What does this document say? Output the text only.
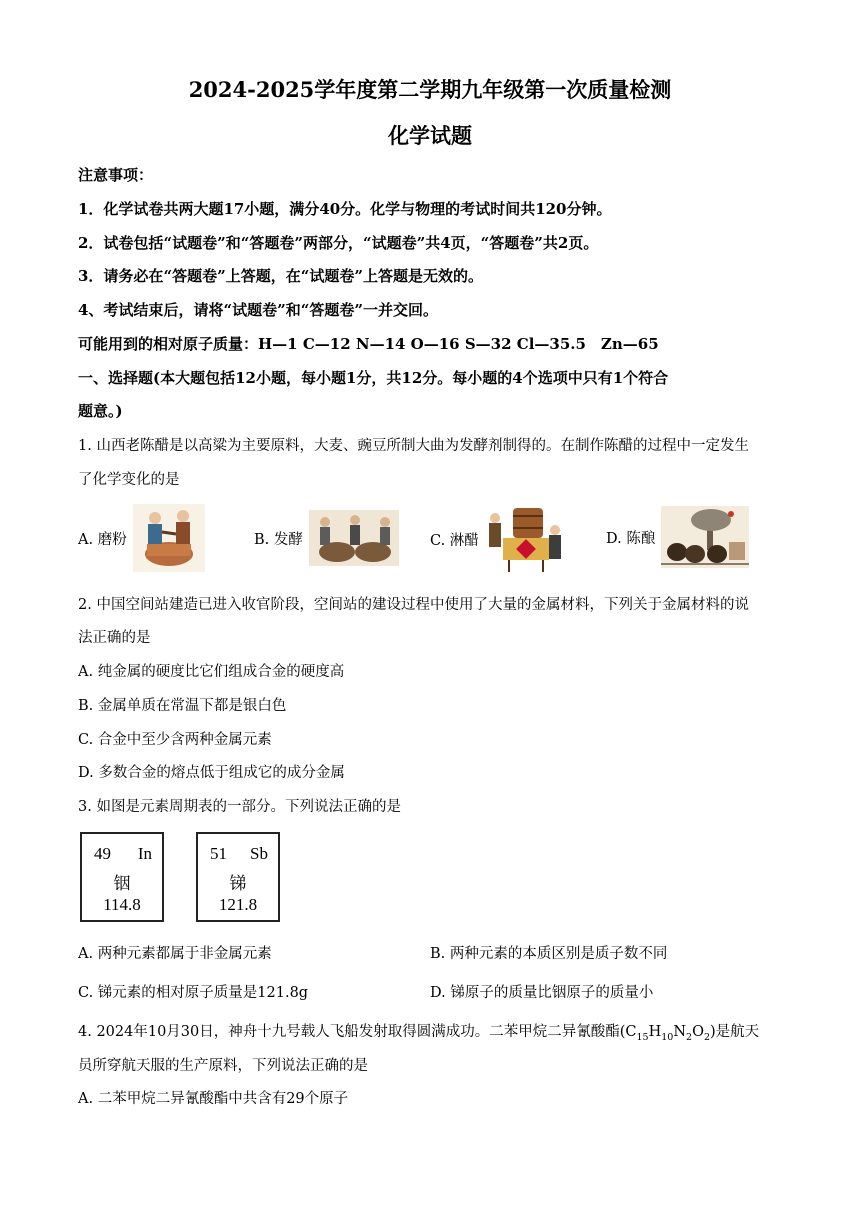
2024-2025学年度第二学期九年级第一次质量检测
化学试题
注意事项：
1．化学试卷共两大题17小题，满分40分。化学与物理的考试时间共120分钟。
2．试卷包括“试题卷”和“答题卷”两部分，“试题卷”共4页，“答题卷”共2页。
3．请务必在“答题卷”上答题，在“试题卷”上答题是无效的。
4、考试结束后，请将“试题卷”和“答题卷”一并交回。
可能用到的相对原子质量：H—1 C—12 N—14 O—16 S—32 Cl—35.5　Zn—65
一、选择题(本大题包括12小题，每小题1分，共12分。每小题的4个选项中只有1个符合
题意。)
1. 山西老陈醋是以高粱为主要原料，大麦、豌豆所制大曲为发酵剂制得的。在制作陈醋的过程中一定发生
了化学变化的是
A. 磨粉	B. 发酵	C. 淋醋	D. 陈酿
2. 中国空间站建造已进入收官阶段，空间站的建设过程中使用了大量的金属材料，下列关于金属材料的说
法正确的是
A. 纯金属的硬度比它们组成合金的硬度高
B. 金属单质在常温下都是银白色
C. 合金中至少含两种金属元素
D. 多数合金的熔点低于组成它的成分金属
3. 如图是元素周期表的一部分。下列说法正确的是
49 In
铟
114.8
51 Sb
锑
121.8
A. 两种元素都属于非金属元素	B. 两种元素的本质区别是质子数不同
C. 锑元素的相对原子质量是121.8g	D. 锑原子的质量比铟原子的质量小
4. 2024年10月30日，神舟十九号载人飞船发射取得圆满成功。二苯甲烷二异氰酸酯$(C_{15}H_{10}N_2O_2)$是航天
员所穿航天服的生产原料，下列说法正确的是
A. 二苯甲烷二异氰酸酯中共含有29个原子
